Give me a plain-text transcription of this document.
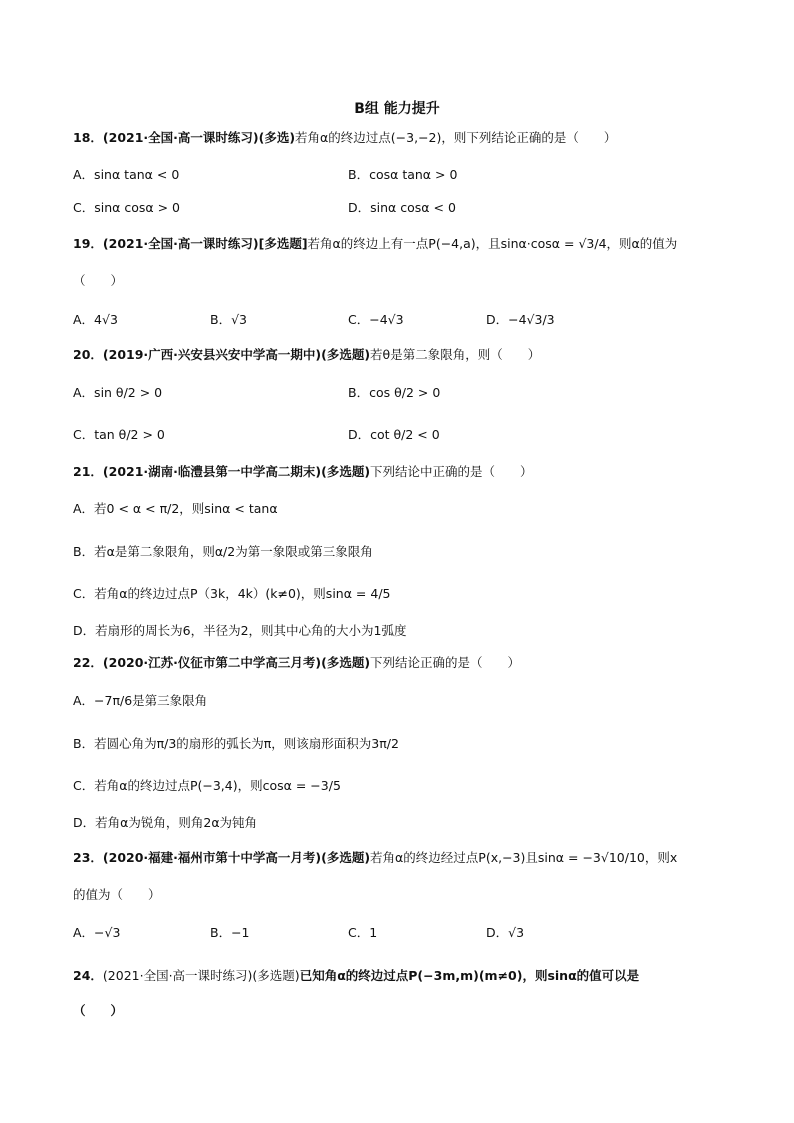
B组 能力提升
18．(2021·全国·高一课时练习)(多选)若角α的终边过点(−3,−2)，则下列结论正确的是（　　）
A．sinα tanα < 0	B．cosα tanα > 0
C．sinα cosα > 0	D．sinα cosα < 0
19．(2021·全国·高一课时练习)[多选题]若角α的终边上有一点P(−4,a)，且sinα·cosα = √3/4，则α的值为
（　　）
A．4√3	B．√3	C．−4√3	D．−4√3/3
20．(2019·广西·兴安县兴安中学高一期中)(多选题)若θ是第二象限角，则（　　）
A．sin θ/2 > 0	B．cos θ/2 > 0
C．tan θ/2 > 0	D．cot θ/2 < 0
21．(2021·湖南·临澧县第一中学高二期末)(多选题)下列结论中正确的是（　　）
A．若0 < α < π/2，则sinα < tanα
B．若α是第二象限角，则α/2为第一象限或第三象限角
C．若角α的终边过点P（3k，4k）(k≠0)，则sinα = 4/5
D．若扇形的周长为6，半径为2，则其中心角的大小为1弧度
22．(2020·江苏·仪征市第二中学高三月考)(多选题)下列结论正确的是（　　）
A．−7π/6是第三象限角
B．若圆心角为π/3的扇形的弧长为π，则该扇形面积为3π/2
C．若角α的终边过点P(−3,4)，则cosα = −3/5
D．若角α为锐角，则角2α为钝角
23．(2020·福建·福州市第十中学高一月考)(多选题)若角α的终边经过点P(x,−3)且sinα = −3√10/10，则x
的值为（　　）
A．−√3	B．−1	C．1	D．√3
24．(2021·全国·高一课时练习)(多选题)已知角α的终边过点P(−3m,m)(m≠0)，则sinα的值可以是
（　　）
